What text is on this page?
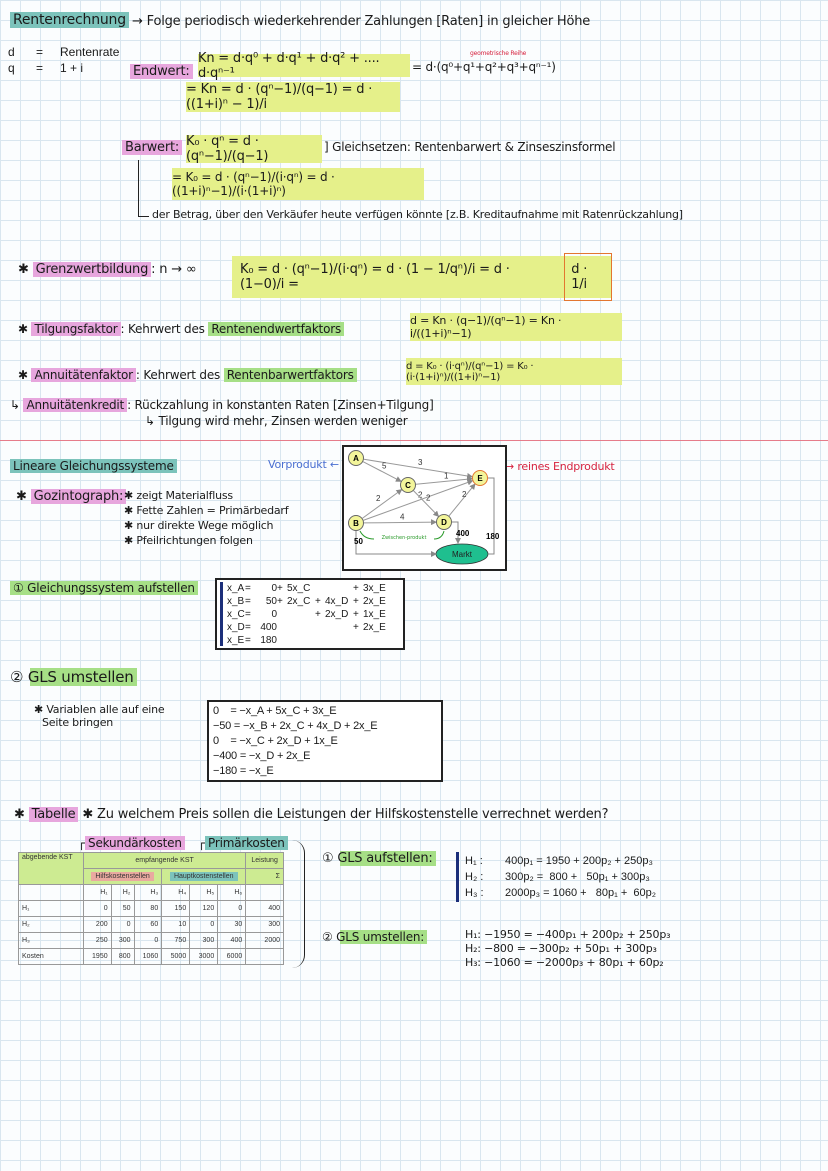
Rentenrechnung → Folge periodisch wiederkehrender Zahlungen [Raten] in gleicher Höhe
d = Rentenrate
q = 1 + i	Endwert:
Kn = d·q⁰ + d·q¹ + d·q² + .... d·qⁿ⁻¹	= d·(q⁰+q¹+q²+q³+qⁿ⁻¹)
geometrische Reihe
= Kn = d · (qⁿ−1)/(q−1) = d · ((1+i)ⁿ − 1)/i
Barwert: K₀ · qⁿ = d · (qⁿ−1)/(q−1)
] Gleichsetzen: Rentenbarwert & Zinseszinsformel
= K₀ = d · (qⁿ−1)/(i·qⁿ) = d · ((1+i)ⁿ−1)/(i·(1+i)ⁿ)
der Betrag, über den Verkäufer heute verfügen könnte [z.B. Kreditaufnahme mit Ratenrückzahlung]
✱ Grenzwertbildung : n → ∞	K₀ = d · (qⁿ−1)/(i·qⁿ) = d · (1 − 1/qⁿ)/i = d · (1−0)/i =
d · 1/i
✱ Tilgungsfaktor : Kehrwert des Rentenendwertfaktors
d = Kn · (q−1)/(qⁿ−1) = Kn · i/((1+i)ⁿ−1)
✱ Annuitätenfaktor : Kehrwert des Rentenbarwertfaktors
d = K₀ · (i·qⁿ)/(qⁿ−1) = K₀ · (i·(1+i)ⁿ)/((1+i)ⁿ−1)
↳ Annuitätenkredit : Rückzahlung in konstanten Raten [Zinsen+Tilgung]
↳ Tilgung wird mehr, Zinsen werden weniger
Lineare Gleichungssysteme
✱ Gozintograph: ✱ zeigt Materialfluss
✱ Fette Zahlen = Primärbedarf
✱ nur direkte Wege möglich
✱ Pfeilrichtungen folgen
Vorprodukt ←	→ reines Endprodukt
3
5
1
2	2 2	2
4
Markt
50
400 180
Zwischen-produkt
A
B
C
D
E
① Gleichungssystem aufstellen	x_A =	0 + 5x_C	+ 3x_E
x_B =	50 + 2x_C + 4x_D + 2x_E
x_C =	0	+ 2x_D + 1x_E
x_D = 400	+ 2x_E
x_E = 180
② GLS umstellen
✱ Variablen alle auf eine
Seite bringen
0    = −x_A + 5x_C + 3x_E
−50 = −x_B + 2x_C + 4x_D + 2x_E
0    = −x_C + 2x_D + 1x_E
−400 = −x_D + 2x_E
−180 = −x_E
✱ Tabelle ✱ Zu welchem Preis sollen die Leistungen der Hilfskostenstelle verrechnet werden?
┌ Sekundärkosten ┌ Primärkosten
abgebende KST	empfangende KST						Leistung
	Hilfskostenstellen			Hauptkostenstellen			Σ
	H₁	H₂	H₃	H₄	H₅	H₆	
H₁	0	50	80	150	120	0	400
H₂	200	0	60	10	0	30	300
H₃	250	300	0	750	300	400	2000
Kosten	1950	800	1060	5000	3000	6000	
① GLS aufstellen:	H₁ : 400p₁ = 1950 + 200p₂ + 250p₃
H₂ : 300p₂ =  800 +   50p₁ + 300p₃
H₃ : 2000p₃ = 1060 +   80p₁ +  60p₂
② GLS umstellen:	H₁: −1950 = −400p₁ + 200p₂ + 250p₃
H₂: −800 = −300p₂ + 50p₁ + 300p₃
H₃: −1060 = −2000p₃ + 80p₁ + 60p₂
